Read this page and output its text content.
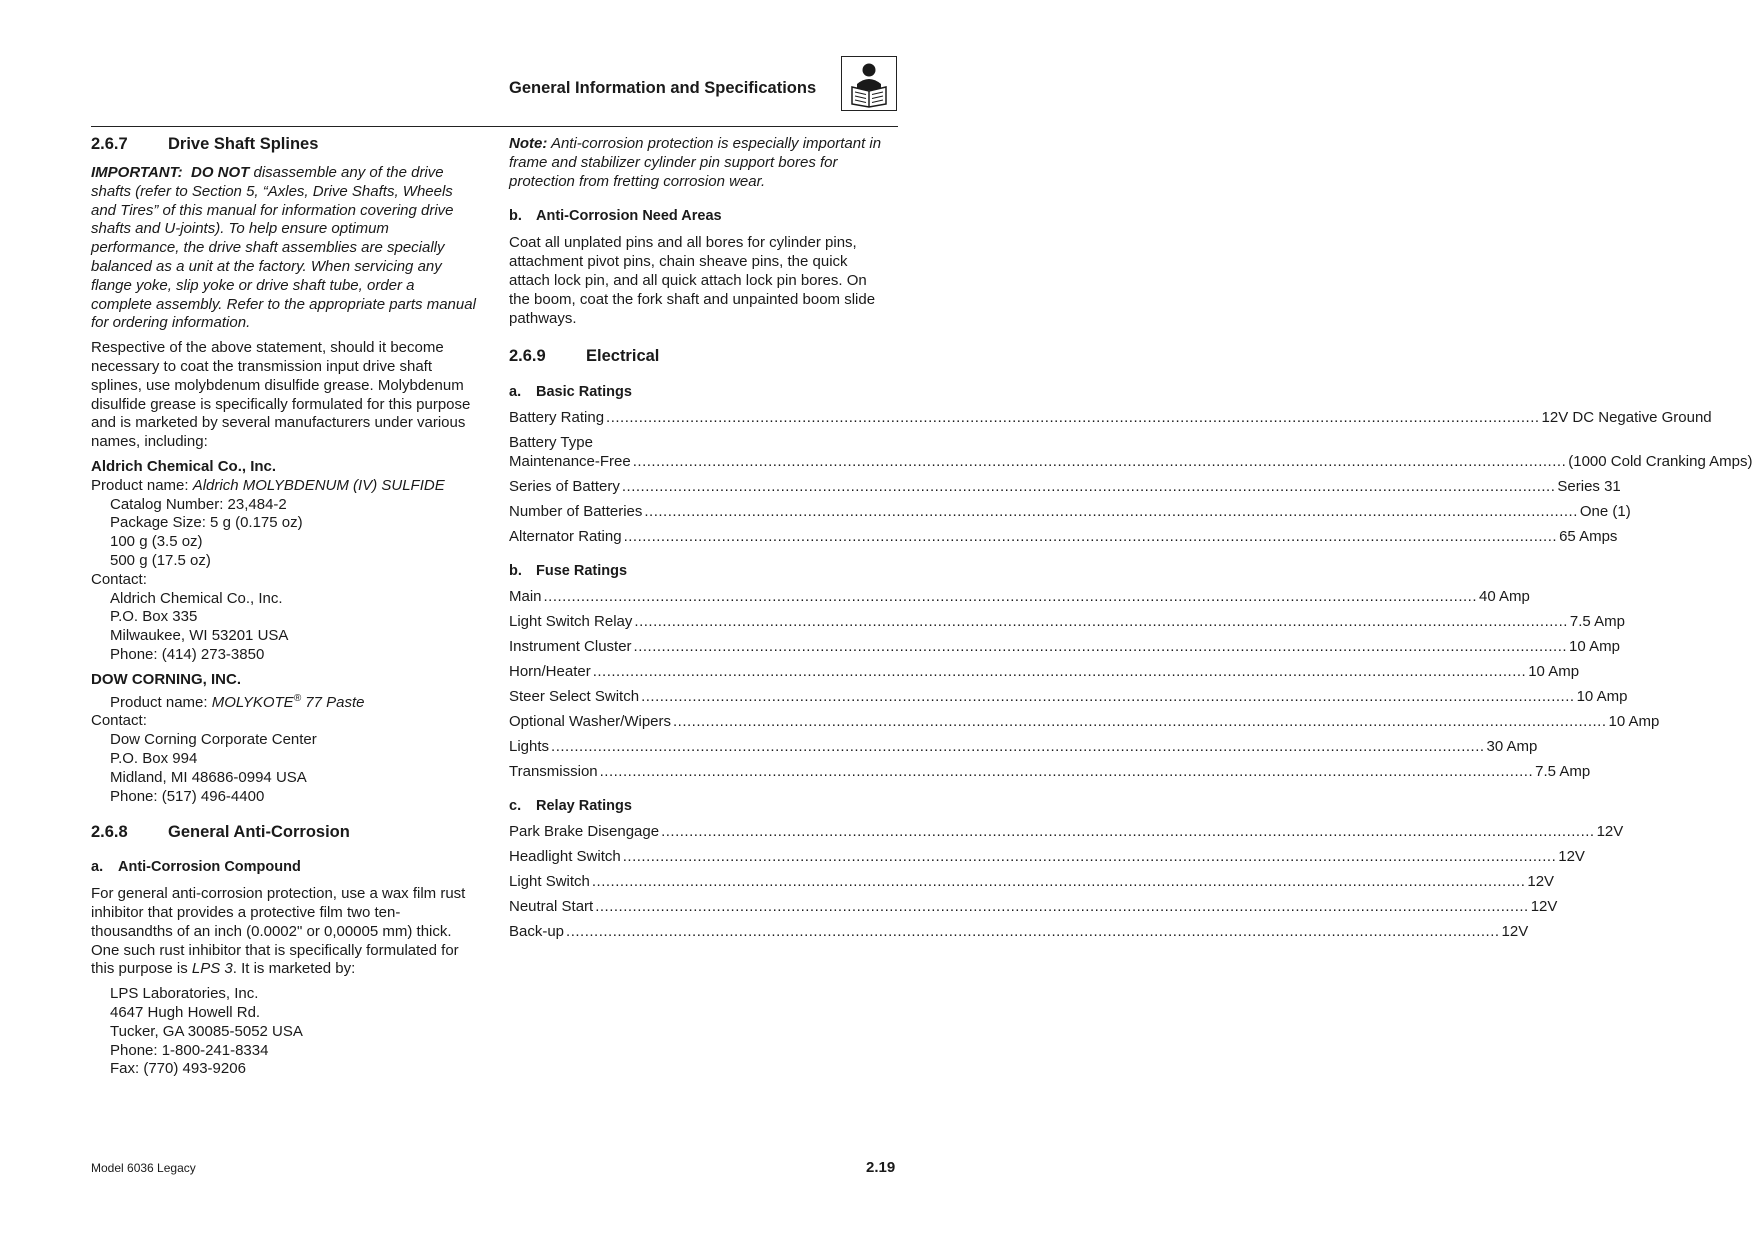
General Information and Specifications
2.6.7	Drive Shaft Splines

IMPORTANT: DO NOT disassemble any of the drive shafts (refer to Section 5, “Axles, Drive Shafts, Wheels and Tires” of this manual for information covering drive shafts and U-joints). To help ensure optimum performance, the drive shaft assemblies are specially balanced as a unit at the factory. When servicing any flange yoke, slip yoke or drive shaft tube, order a complete assembly. Refer to the appropriate parts manual for ordering information.

Respective of the above statement, should it become necessary to coat the transmission input drive shaft splines, use molybdenum disulfide grease. Molybdenum disulfide grease is specifically formulated for this purpose and is marketed by several manufacturers under various names, including:

Aldrich Chemical Co., Inc.
Product name: Aldrich MOLYBDENUM (IV) SULFIDE
Catalog Number: 23,484-2
Package Size: 5 g (0.175 oz)
100 g (3.5 oz)
500 g (17.5 oz)
Contact:
Aldrich Chemical Co., Inc.
P.O. Box 335
Milwaukee, WI 53201 USA
Phone: (414) 273-3850
DOW CORNING, INC.
Product name: MOLYKOTE® 77 Paste
Contact:
Dow Corning Corporate Center
P.O. Box 994
Midland, MI 48686-0994 USA
Phone: (517) 496-4400
2.6.8	General Anti-Corrosion
a. Anti-Corrosion Compound

For general anti-corrosion protection, use a wax film rust inhibitor that provides a protective film two ten-thousandths of an inch (0.0002" or 0,00005 mm) thick. One such rust inhibitor that is specifically formulated for this purpose is LPS 3. It is marketed by:

LPS Laboratories, Inc.
4647 Hugh Howell Rd.
Tucker, GA 30085-5052 USA
Phone: 1-800-241-8334
Fax: (770) 493-9206

Note: Anti-corrosion protection is especially important in frame and stabilizer cylinder pin support bores for protection from fretting corrosion wear.

b. Anti-Corrosion Need Areas

Coat all unplated pins and all bores for cylinder pins, attachment pivot pins, chain sheave pins, the quick attach lock pin, and all quick attach lock pin bores. On the boom, coat the fork shaft and unpainted boom slide pathways.

2.6.9	Electrical
a. Basic Ratings
Battery Rating ........................................................................................................................................................................................................ 12V DC Negative Ground
Battery Type
Maintenance-Free ........................................................................................................................................................................................................ (1000 Cold Cranking Amps)
Series of Battery ........................................................................................................................................................................................................ Series 31
Number of Batteries ........................................................................................................................................................................................................ One (1)
Alternator Rating ........................................................................................................................................................................................................ 65 Amps
b. Fuse Ratings
Main ........................................................................................................................................................................................................ 40 Amp
Light Switch Relay ........................................................................................................................................................................................................ 7.5 Amp
Instrument Cluster ........................................................................................................................................................................................................ 10 Amp
Horn/Heater ........................................................................................................................................................................................................ 10 Amp
Steer Select Switch ........................................................................................................................................................................................................ 10 Amp
Optional Washer/Wipers ........................................................................................................................................................................................................ 10 Amp
Lights ........................................................................................................................................................................................................ 30 Amp
Transmission ........................................................................................................................................................................................................ 7.5 Amp
c. Relay Ratings
Park Brake Disengage ........................................................................................................................................................................................................ 12V
Headlight Switch ........................................................................................................................................................................................................ 12V
Light Switch ........................................................................................................................................................................................................ 12V
Neutral Start ........................................................................................................................................................................................................ 12V
Back-up ........................................................................................................................................................................................................ 12V
Model 6036 Legacy	2.19
